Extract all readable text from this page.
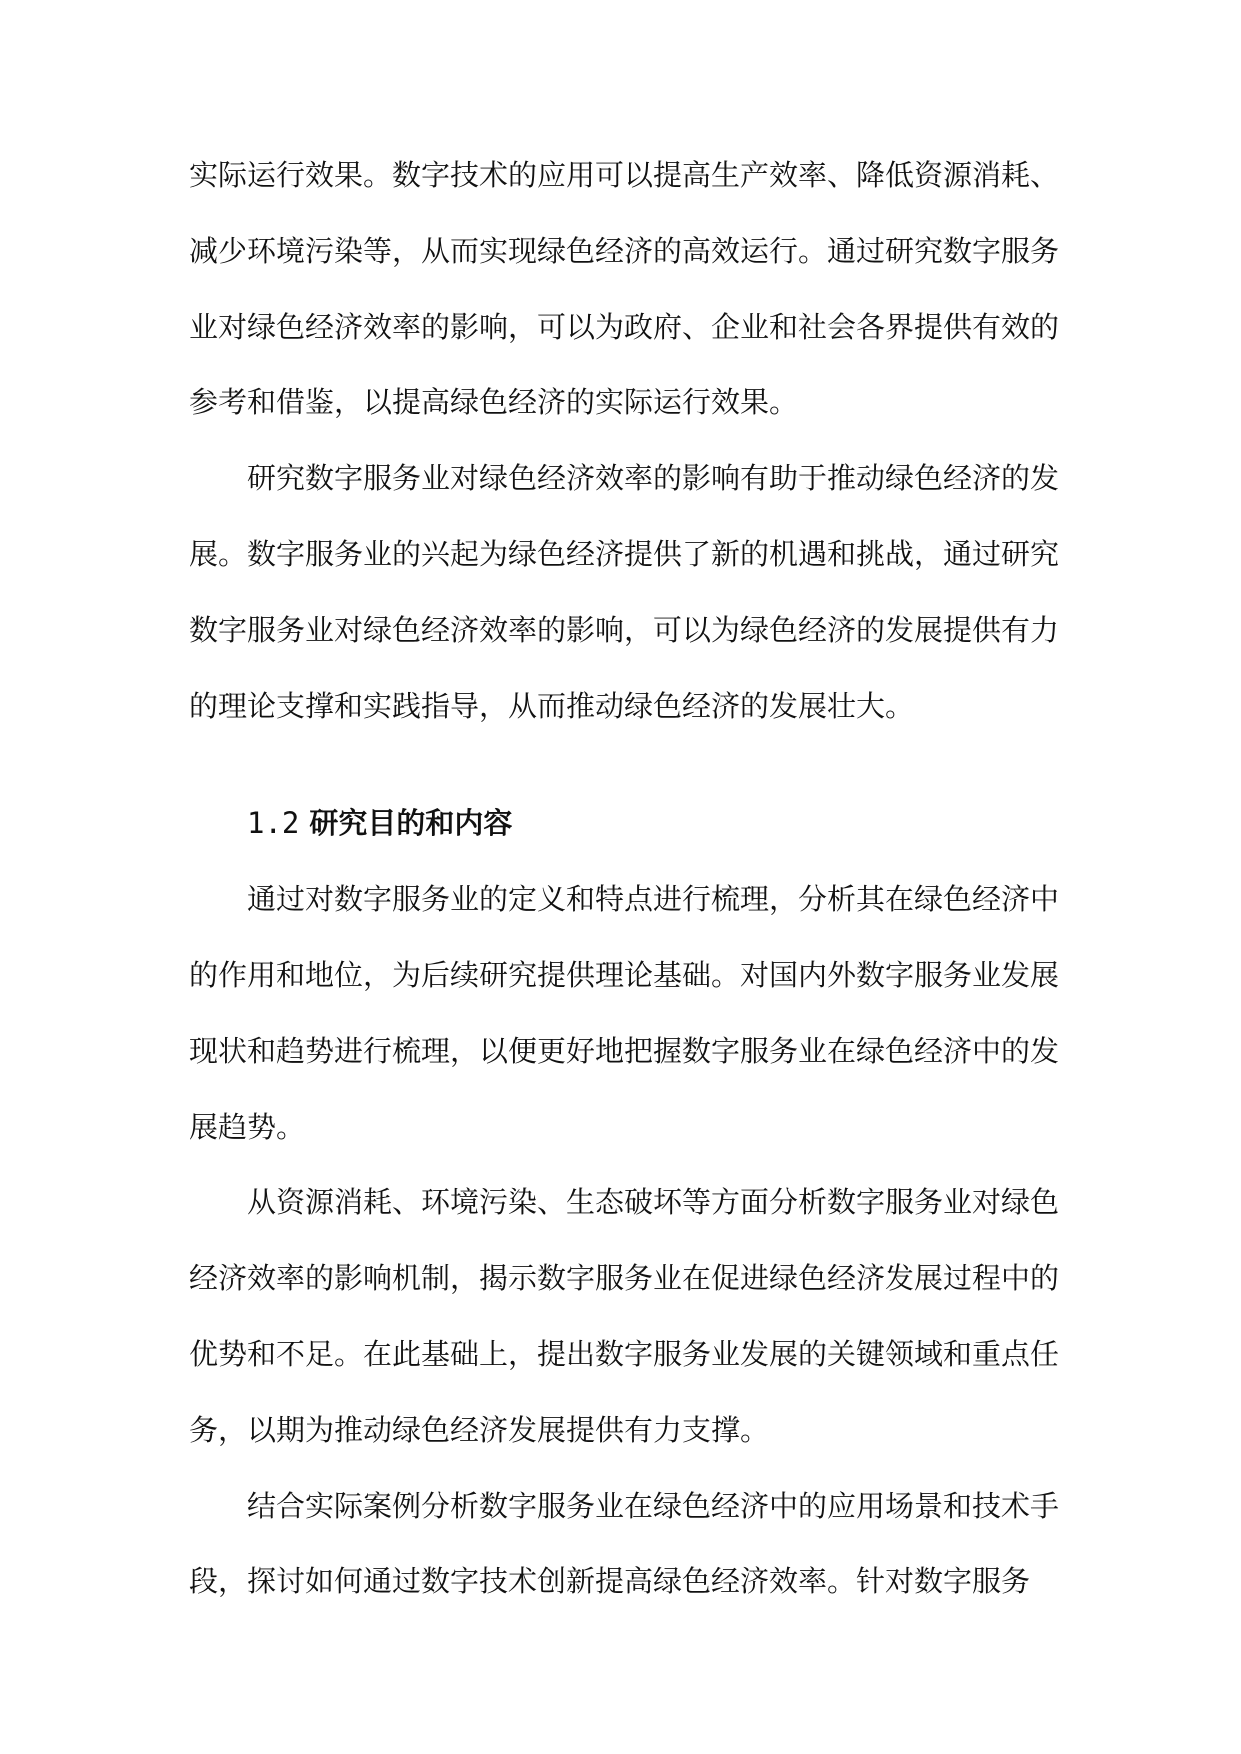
实际运行效果。数字技术的应用可以提高生产效率、降低资源消耗、减少环境污染等，从而实现绿色经济的高效运行。通过研究数字服务业对绿色经济效率的影响，可以为政府、企业和社会各界提供有效的参考和借鉴，以提高绿色经济的实际运行效果。

研究数字服务业对绿色经济效率的影响有助于推动绿色经济的发展。数字服务业的兴起为绿色经济提供了新的机遇和挑战，通过研究数字服务业对绿色经济效率的影响，可以为绿色经济的发展提供有力的理论支撑和实践指导，从而推动绿色经济的发展壮大。

1.2 研究目的和内容

通过对数字服务业的定义和特点进行梳理，分析其在绿色经济中的作用和地位，为后续研究提供理论基础。对国内外数字服务业发展现状和趋势进行梳理，以便更好地把握数字服务业在绿色经济中的发展趋势。

从资源消耗、环境污染、生态破坏等方面分析数字服务业对绿色经济效率的影响机制，揭示数字服务业在促进绿色经济发展过程中的优势和不足。在此基础上，提出数字服务业发展的关键领域和重点任务，以期为推动绿色经济发展提供有力支撑。

结合实际案例分析数字服务业在绿色经济中的应用场景和技术手段，探讨如何通过数字技术创新提高绿色经济效率。针对数字服务
